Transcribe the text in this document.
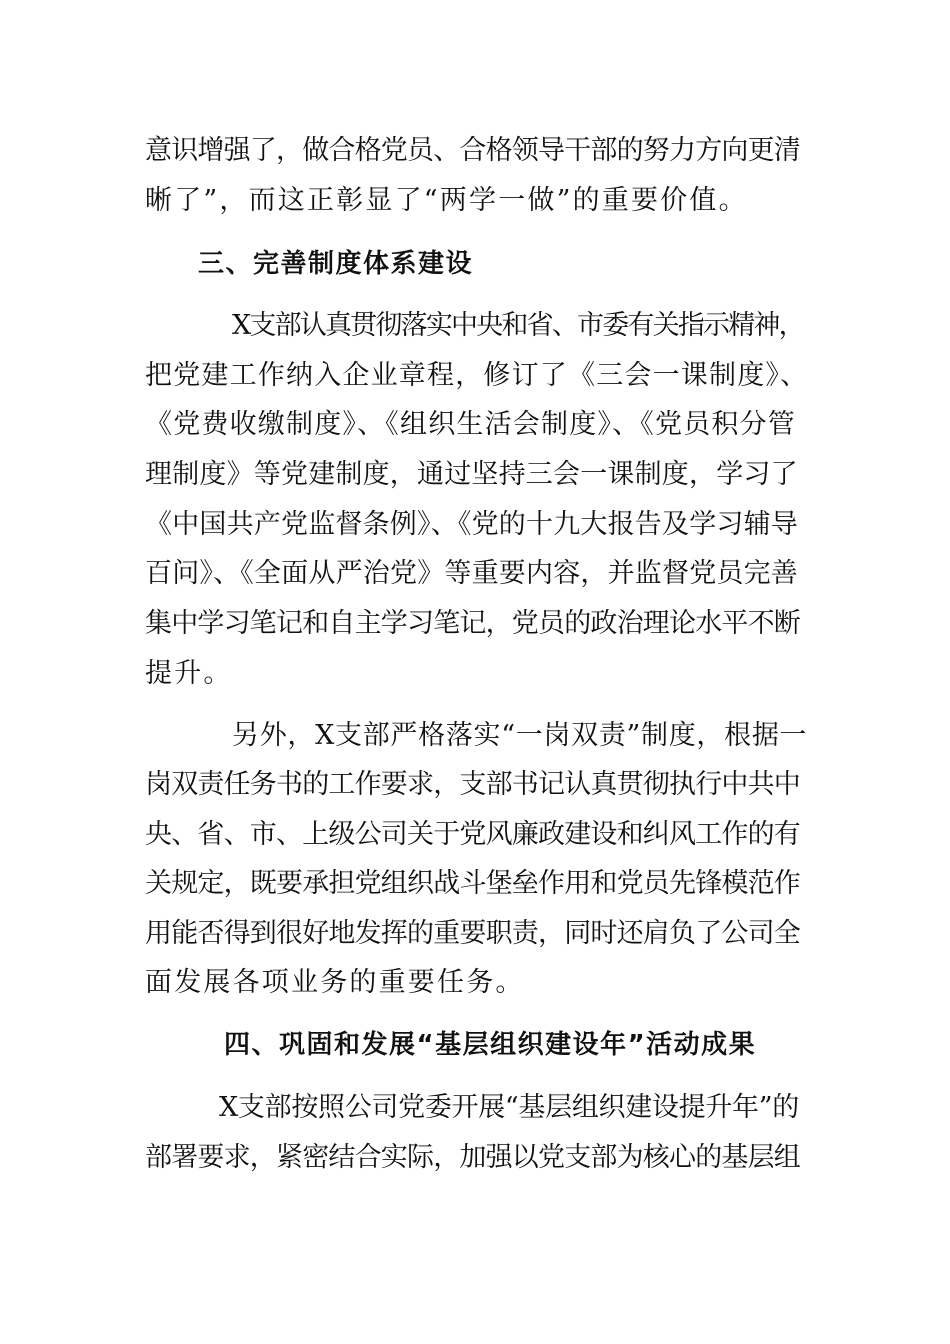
意识增强了，做合格党员、合格领导干部的努力方向更清
晰了”，而这正彰显了“两学一做”的重要价值。
三、完善制度体系建设
X支部认真贯彻落实中央和省、市委有关指示精神，
把党建工作纳入企业章程，修订了《三会一课制度》、
《党费收缴制度》、《组织生活会制度》、《党员积分管
理制度》等党建制度，通过坚持三会一课制度，学习了
《中国共产党监督条例》、《党的十九大报告及学习辅导
百问》、《全面从严治党》等重要内容，并监督党员完善
集中学习笔记和自主学习笔记，党员的政治理论水平不断
提升。
另外，X支部严格落实“一岗双责”制度，根据一
岗双责任务书的工作要求，支部书记认真贯彻执行中共中
央、省、市、上级公司关于党风廉政建设和纠风工作的有
关规定，既要承担党组织战斗堡垒作用和党员先锋模范作
用能否得到很好地发挥的重要职责，同时还肩负了公司全
面发展各项业务的重要任务。
四、巩固和发展“基层组织建设年”活动成果
X支部按照公司党委开展“基层组织建设提升年”的
部署要求，紧密结合实际，加强以党支部为核心的基层组
